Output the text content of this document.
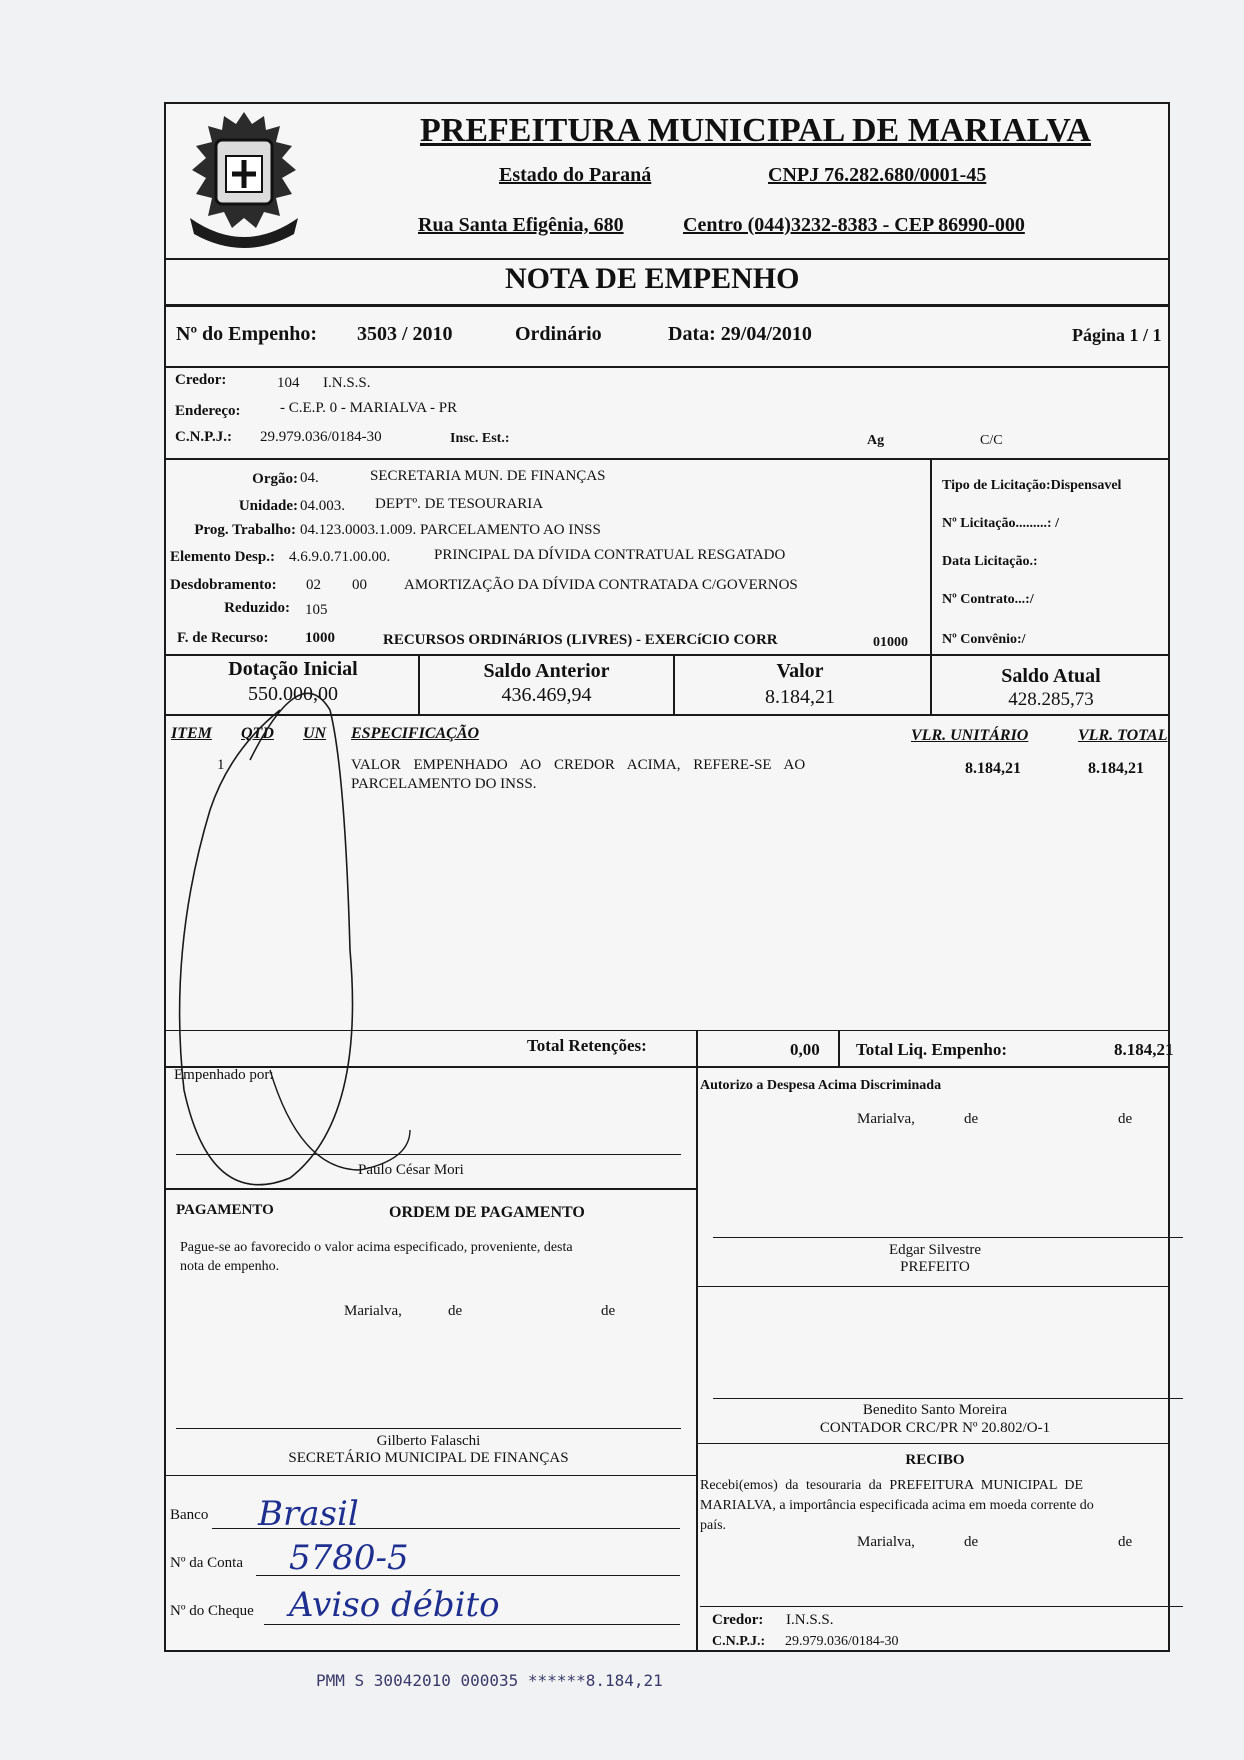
PREFEITURA MUNICIPAL DE MARIALVA
Estado do Paraná	CNPJ 76.282.680/0001-45
Rua Santa Efigênia, 680	Centro (044)3232-8383 - CEP 86990-000
NOTA DE EMPENHO
Nº do Empenho: 3503 / 2010	Ordinário	Data: 29/04/2010	Página 1 / 1
Credor:	104 I.N.S.S.
Endereço:	- C.E.P. 0 - MARIALVA - PR
C.N.P.J.: 29.979.036/0184-30	Insc. Est.:	Ag	C/C
Orgão: 04.	SECRETARIA MUN. DE FINANÇAS
Unidade: 04.003. DEPTº. DE TESOURARIA
Prog. Trabalho: 04.123.0003.1.009. PARCELAMENTO AO INSS
Elemento Desp.: 4.6.9.0.71.00.00.	PRINCIPAL DA DÍVIDA CONTRATUAL RESGATADO
Desdobramento: 02 00 AMORTIZAÇÃO DA DÍVIDA CONTRATADA C/GOVERNOS
Reduzido: 105
F. de Recurso: 1000	RECURSOS ORDINáRIOS (LIVRES) - EXERCíCIO CORR	01000
Tipo de Licitação:Dispensavel
Nº Licitação.........: /
Data Licitação.:
Nº Contrato...:/
Nº Convênio:/
Dotação Inicial
550.000,00
Saldo Anterior
436.469,94
Valor
8.184,21
Saldo Atual
428.285,73
ITEM QTD UN ESPECIFICAÇÃO	VLR. UNITÁRIO	VLR. TOTAL
1	VALOR EMPENHADO AO CREDOR ACIMA, REFERE-SE AO
PARCELAMENTO DO INSS.
8.184,21	8.184,21
Total Retenções:	0,00 Total Liq. Empenho:	8.184,21
Empenhado por:
Paulo César Mori
Autorizo a Despesa Acima Discriminada
Marialva,	de	de
Edgar Silvestre
PREFEITO
Benedito Santo Moreira
CONTADOR CRC/PR Nº 20.802/O-1
PAGAMENTO	ORDEM DE PAGAMENTO
Pague-se ao favorecido o valor acima especificado, proveniente, desta
nota de empenho.
Marialva,	de	de
Gilberto Falaschi
SECRETÁRIO MUNICIPAL DE FINANÇAS
Banco Brasil
Nº da Conta 5780-5
Nº do Cheque Aviso débito
RECIBO
Recebi(emos) da tesouraria da PREFEITURA MUNICIPAL DE
MARIALVA, a importância especificada acima em moeda corrente do
país.
Marialva,	de	de
Credor: I.N.S.S.
C.N.P.J.: 29.979.036/0184-30
PMM S 30042010 000035 ******8.184,21
